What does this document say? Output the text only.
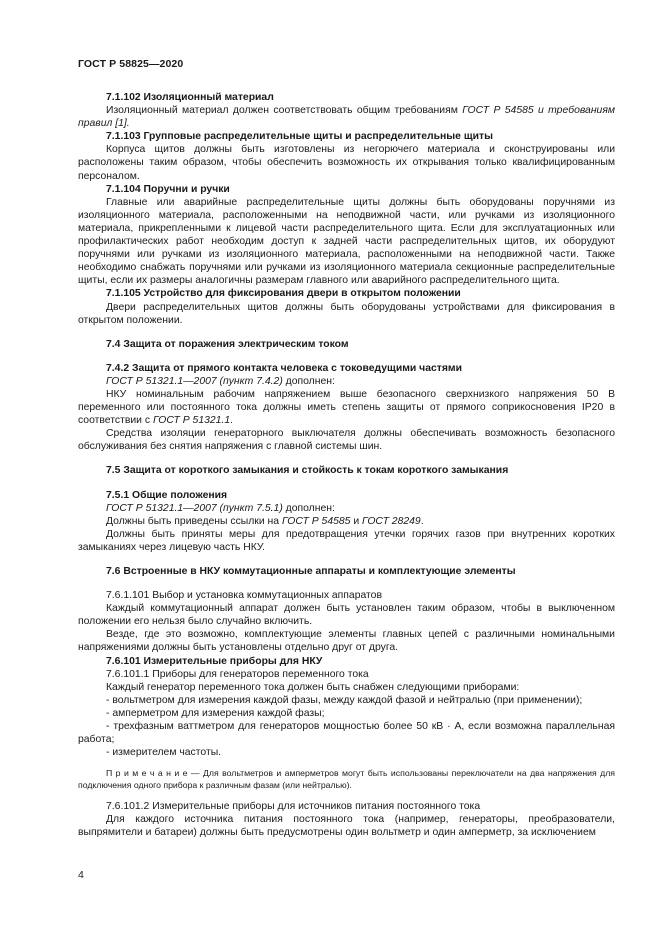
ГОСТ Р 58825—2020

7.1.102 Изоляционный материал

Изоляционный материал должен соответствовать общим требованиям ГОСТ Р 54585 и требованиям правил [1].

7.1.103 Групповые распределительные щиты и распределительные щиты

Корпуса щитов должны быть изготовлены из негорючего материала и сконструированы или расположены таким образом, чтобы обеспечить возможность их открывания только квалифицированным персоналом.

7.1.104 Поручни и ручки

Главные или аварийные распределительные щиты должны быть оборудованы поручнями из изоляционного материала, расположенными на неподвижной части, или ручками из изоляционного материала, прикрепленными к лицевой части распределительного щита. Если для эксплуатационных или профилактических работ необходим доступ к задней части распределительных щитов, их оборудуют поручнями или ручками из изоляционного материала, расположенными на неподвижной части. Также необходимо снабжать поручнями или ручками из изоляционного материала секционные распределительные щиты, если их размеры аналогичны размерам главного или аварийного распределительного щита.

7.1.105 Устройство для фиксирования двери в открытом положении

Двери распределительных щитов должны быть оборудованы устройствами для фиксирования в открытом положении.

7.4 Защита от поражения электрическим током

7.4.2 Защита от прямого контакта человека с токоведущими частями

ГОСТ Р 51321.1—2007 (пункт 7.4.2) дополнен:

НКУ номинальным рабочим напряжением выше безопасного сверхнизкого напряжения 50 В переменного или постоянного тока должны иметь степень защиты от прямого соприкосновения IP20 в соответствии с ГОСТ Р 51321.1.

Средства изоляции генераторного выключателя должны обеспечивать возможность безопасного обслуживания без снятия напряжения с главной системы шин.

7.5 Защита от короткого замыкания и стойкость к токам короткого замыкания

7.5.1 Общие положения

ГОСТ Р 51321.1—2007 (пункт 7.5.1) дополнен:

Должны быть приведены ссылки на ГОСТ Р 54585 и ГОСТ 28249.

Должны быть приняты меры для предотвращения утечки горячих газов при внутренних коротких замыканиях через лицевую часть НКУ.

7.6 Встроенные в НКУ коммутационные аппараты и комплектующие элементы

7.6.1.101 Выбор и установка коммутационных аппаратов

Каждый коммутационный аппарат должен быть установлен таким образом, чтобы в выключенном положении его нельзя было случайно включить.

Везде, где это возможно, комплектующие элементы главных цепей с различными номинальными напряжениями должны быть установлены отдельно друг от друга.

7.6.101 Измерительные приборы для НКУ

7.6.101.1 Приборы для генераторов переменного тока

Каждый генератор переменного тока должен быть снабжен следующими приборами:

- вольтметром для измерения каждой фазы, между каждой фазой и нейтралью (при применении);

- амперметром для измерения каждой фазы;

- трехфазным ваттметром для генераторов мощностью более 50 кВ · А, если возможна параллельная работа;

- измерителем частоты.

П р и м е ч а н и е — Для вольтметров и амперметров могут быть использованы переключатели на два напряжения для подключения одного прибора к различным фазам (или нейтралью).

7.6.101.2 Измерительные приборы для источников питания постоянного тока

Для каждого источника питания постоянного тока (например, генераторы, преобразователи, выпрямители и батареи) должны быть предусмотрены один вольтметр и один амперметр, за исключением

4
